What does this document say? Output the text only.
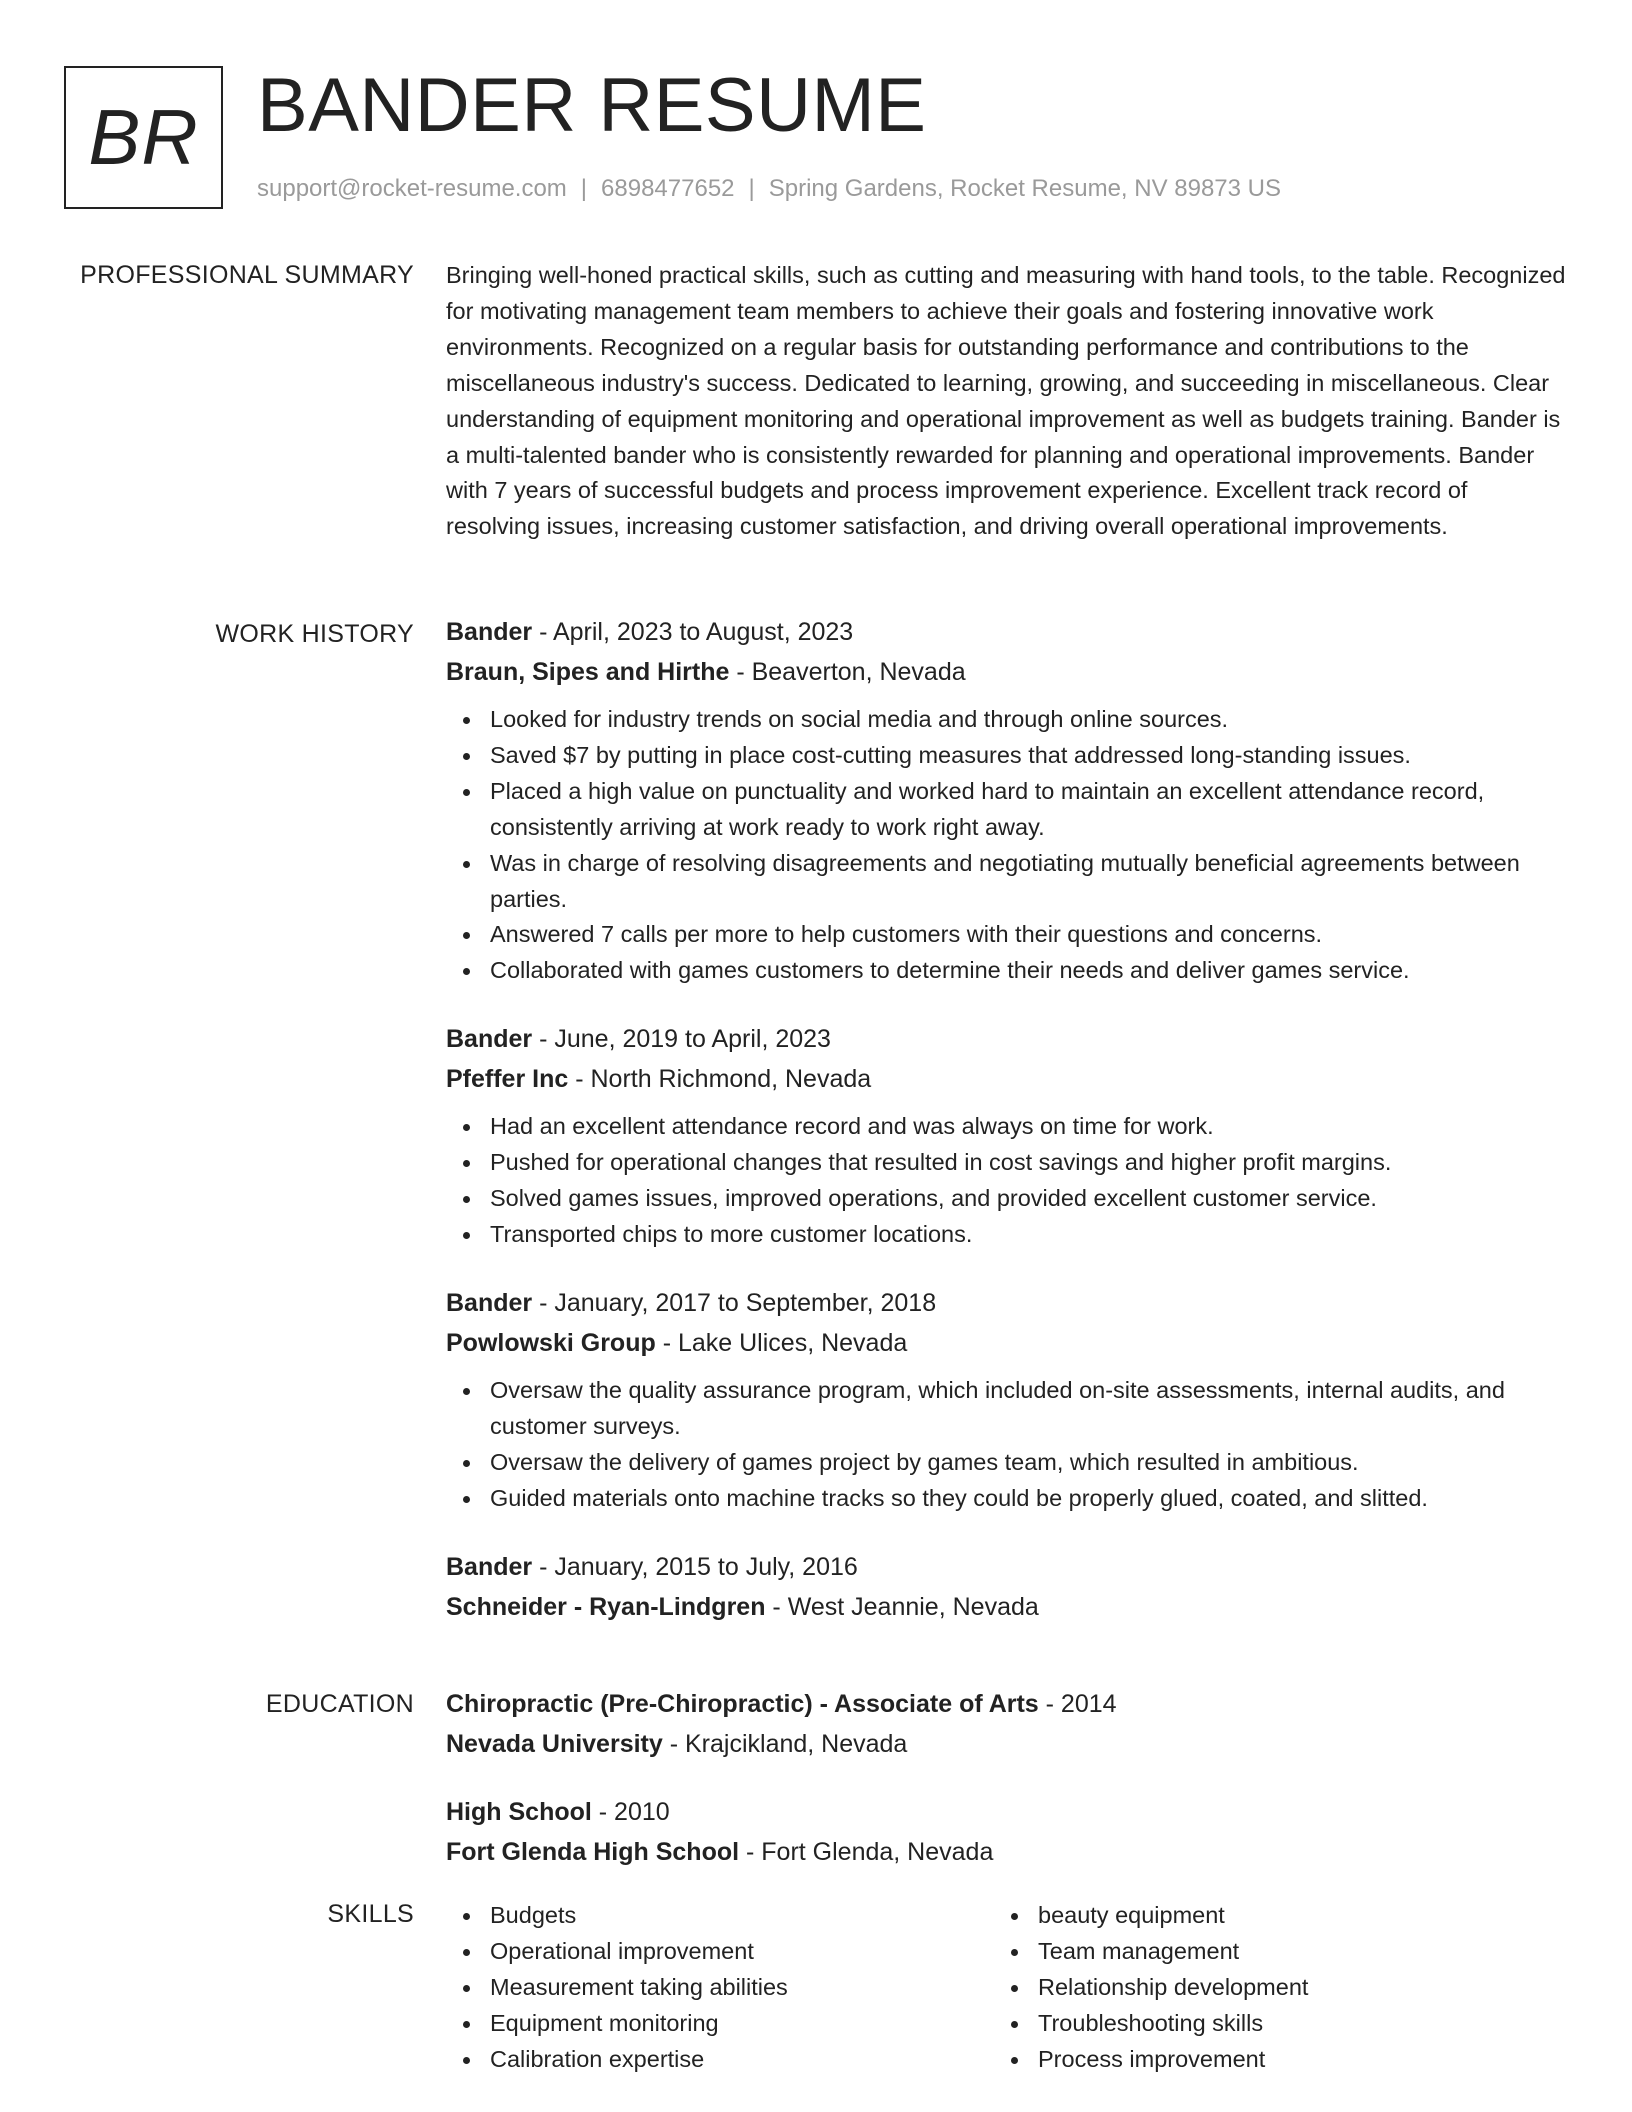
BR BANDER RESUME
support@rocket-resume.com | 6898477652 | Spring Gardens, Rocket Resume, NV 89873 US
PROFESSIONAL SUMMARY Bringing well-honed practical skills, such as cutting and measuring with hand tools, to the table. Recognized for motivating management team members to achieve their goals and fostering innovative work environments. Recognized on a regular basis for outstanding performance and contributions to the miscellaneous industry's success. Dedicated to learning, growing, and succeeding in miscellaneous. Clear understanding of equipment monitoring and operational improvement as well as budgets training. Bander is a multi-talented bander who is consistently rewarded for planning and operational improvements. Bander with 7 years of successful budgets and process improvement experience. Excellent track record of resolving issues, increasing customer satisfaction, and driving overall operational improvements.

WORK HISTORY Bander - April, 2023 to August, 2023
Braun, Sipes and Hirthe - Beaverton, Nevada
Looked for industry trends on social media and through online sources.
Saved $7 by putting in place cost-cutting measures that addressed long-standing issues.
Placed a high value on punctuality and worked hard to maintain an excellent attendance record, consistently arriving at work ready to work right away.
Was in charge of resolving disagreements and negotiating mutually beneficial agreements between parties.
Answered 7 calls per more to help customers with their questions and concerns.
Collaborated with games customers to determine their needs and deliver games service.
Bander - June, 2019 to April, 2023
Pfeffer Inc - North Richmond, Nevada
Had an excellent attendance record and was always on time for work.
Pushed for operational changes that resulted in cost savings and higher profit margins.
Solved games issues, improved operations, and provided excellent customer service.
Transported chips to more customer locations.
Bander - January, 2017 to September, 2018
Powlowski Group - Lake Ulices, Nevada
Oversaw the quality assurance program, which included on-site assessments, internal audits, and customer surveys.
Oversaw the delivery of games project by games team, which resulted in ambitious.
Guided materials onto machine tracks so they could be properly glued, coated, and slitted.
Bander - January, 2015 to July, 2016
Schneider - Ryan-Lindgren - West Jeannie, Nevada
EDUCATION Chiropractic (Pre-Chiropractic) - Associate of Arts - 2014
Nevada University - Krajcikland, Nevada
High School - 2010
Fort Glenda High School - Fort Glenda, Nevada
SKILLS	Budgets
Operational improvement
Measurement taking abilities
Equipment monitoring
Calibration expertise
beauty equipment
Team management
Relationship development
Troubleshooting skills
Process improvement
